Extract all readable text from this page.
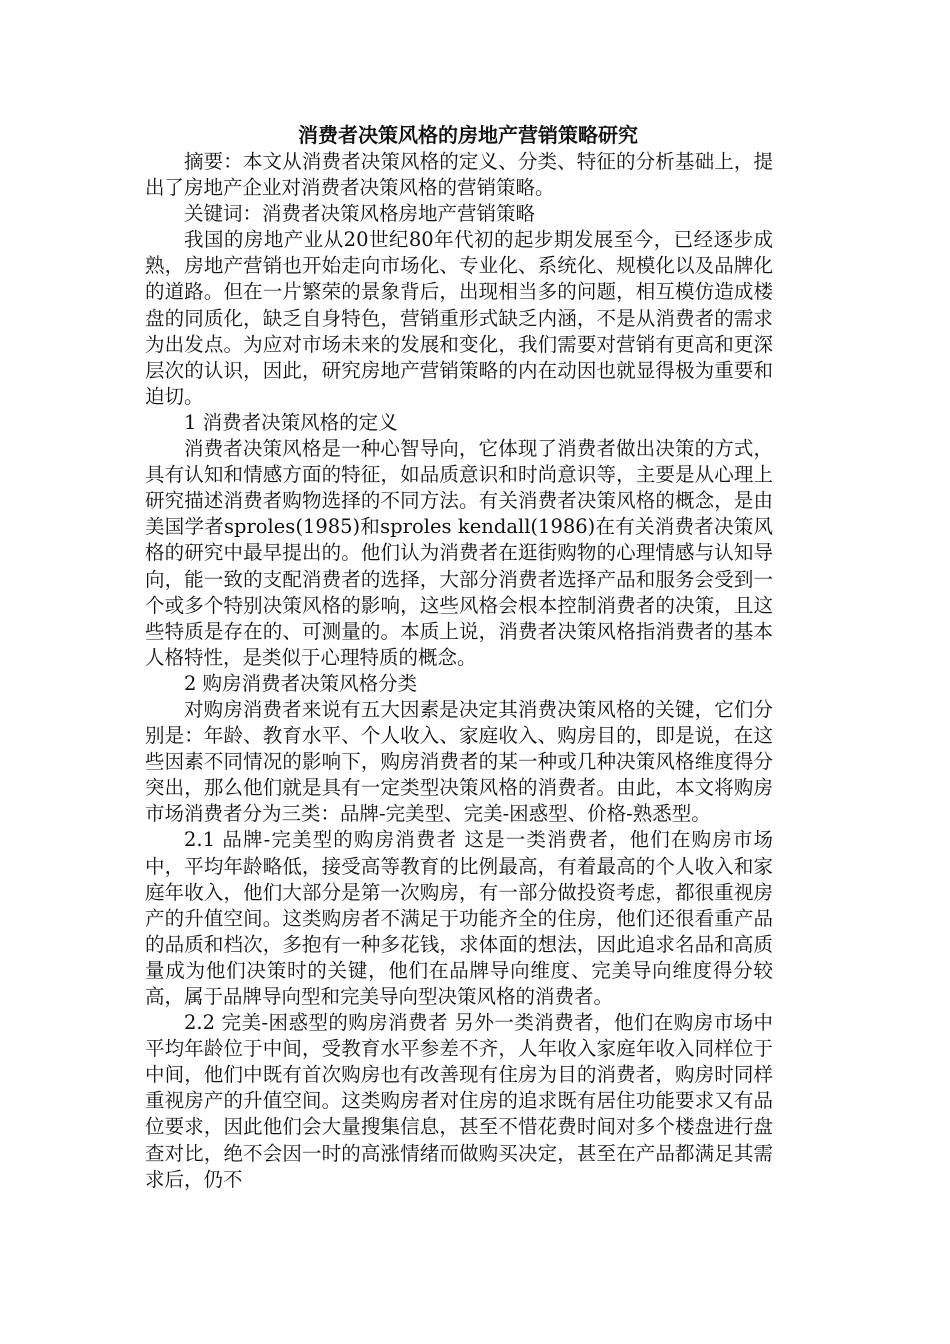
消费者决策风格的房地产营销策略研究

摘要：本文从消费者决策风格的定义、分类、特征的分析基础上，提出了房地产企业对消费者决策风格的营销策略。

关键词：消费者决策风格房地产营销策略

我国的房地产业从20世纪80年代初的起步期发展至今，已经逐步成熟，房地产营销也开始走向市场化、专业化、系统化、规模化以及品牌化的道路。但在一片繁荣的景象背后，出现相当多的问题，相互模仿造成楼盘的同质化，缺乏自身特色，营销重形式缺乏内涵，不是从消费者的需求为出发点。为应对市场未来的发展和变化，我们需要对营销有更高和更深层次的认识，因此，研究房地产营销策略的内在动因也就显得极为重要和迫切。

1 消费者决策风格的定义

消费者决策风格是一种心智导向，它体现了消费者做出决策的方式，具有认知和情感方面的特征，如品质意识和时尚意识等，主要是从心理上研究描述消费者购物选择的不同方法。有关消费者决策风格的概念，是由美国学者sproles(1985)和sproles kendall(1986)在有关消费者决策风格的研究中最早提出的。他们认为消费者在逛街购物的心理情感与认知导向，能一致的支配消费者的选择，大部分消费者选择产品和服务会受到一个或多个特别决策风格的影响，这些风格会根本控制消费者的决策，且这些特质是存在的、可测量的。本质上说，消费者决策风格指消费者的基本人格特性，是类似于心理特质的概念。

2 购房消费者决策风格分类

对购房消费者来说有五大因素是决定其消费决策风格的关键，它们分别是：年龄、教育水平、个人收入、家庭收入、购房目的，即是说，在这些因素不同情况的影响下，购房消费者的某一种或几种决策风格维度得分突出，那么他们就是具有一定类型决策风格的消费者。由此，本文将购房市场消费者分为三类：品牌-完美型、完美-困惑型、价格-熟悉型。

2.1 品牌-完美型的购房消费者 这是一类消费者，他们在购房市场中，平均年龄略低，接受高等教育的比例最高，有着最高的个人收入和家庭年收入，他们大部分是第一次购房，有一部分做投资考虑，都很重视房产的升值空间。这类购房者不满足于功能齐全的住房，他们还很看重产品的品质和档次，多抱有一种多花钱，求体面的想法，因此追求名品和高质量成为他们决策时的关键，他们在品牌导向维度、完美导向维度得分较高，属于品牌导向型和完美导向型决策风格的消费者。

2.2 完美-困惑型的购房消费者 另外一类消费者，他们在购房市场中平均年龄位于中间，受教育水平参差不齐，人年收入家庭年收入同样位于中间，他们中既有首次购房也有改善现有住房为目的消费者，购房时同样重视房产的升值空间。这类购房者对住房的追求既有居住功能要求又有品位要求，因此他们会大量搜集信息，甚至不惜花费时间对多个楼盘进行盘查对比，绝不会因一时的高涨情绪而做购买决定，甚至在产品都满足其需求后，仍不
